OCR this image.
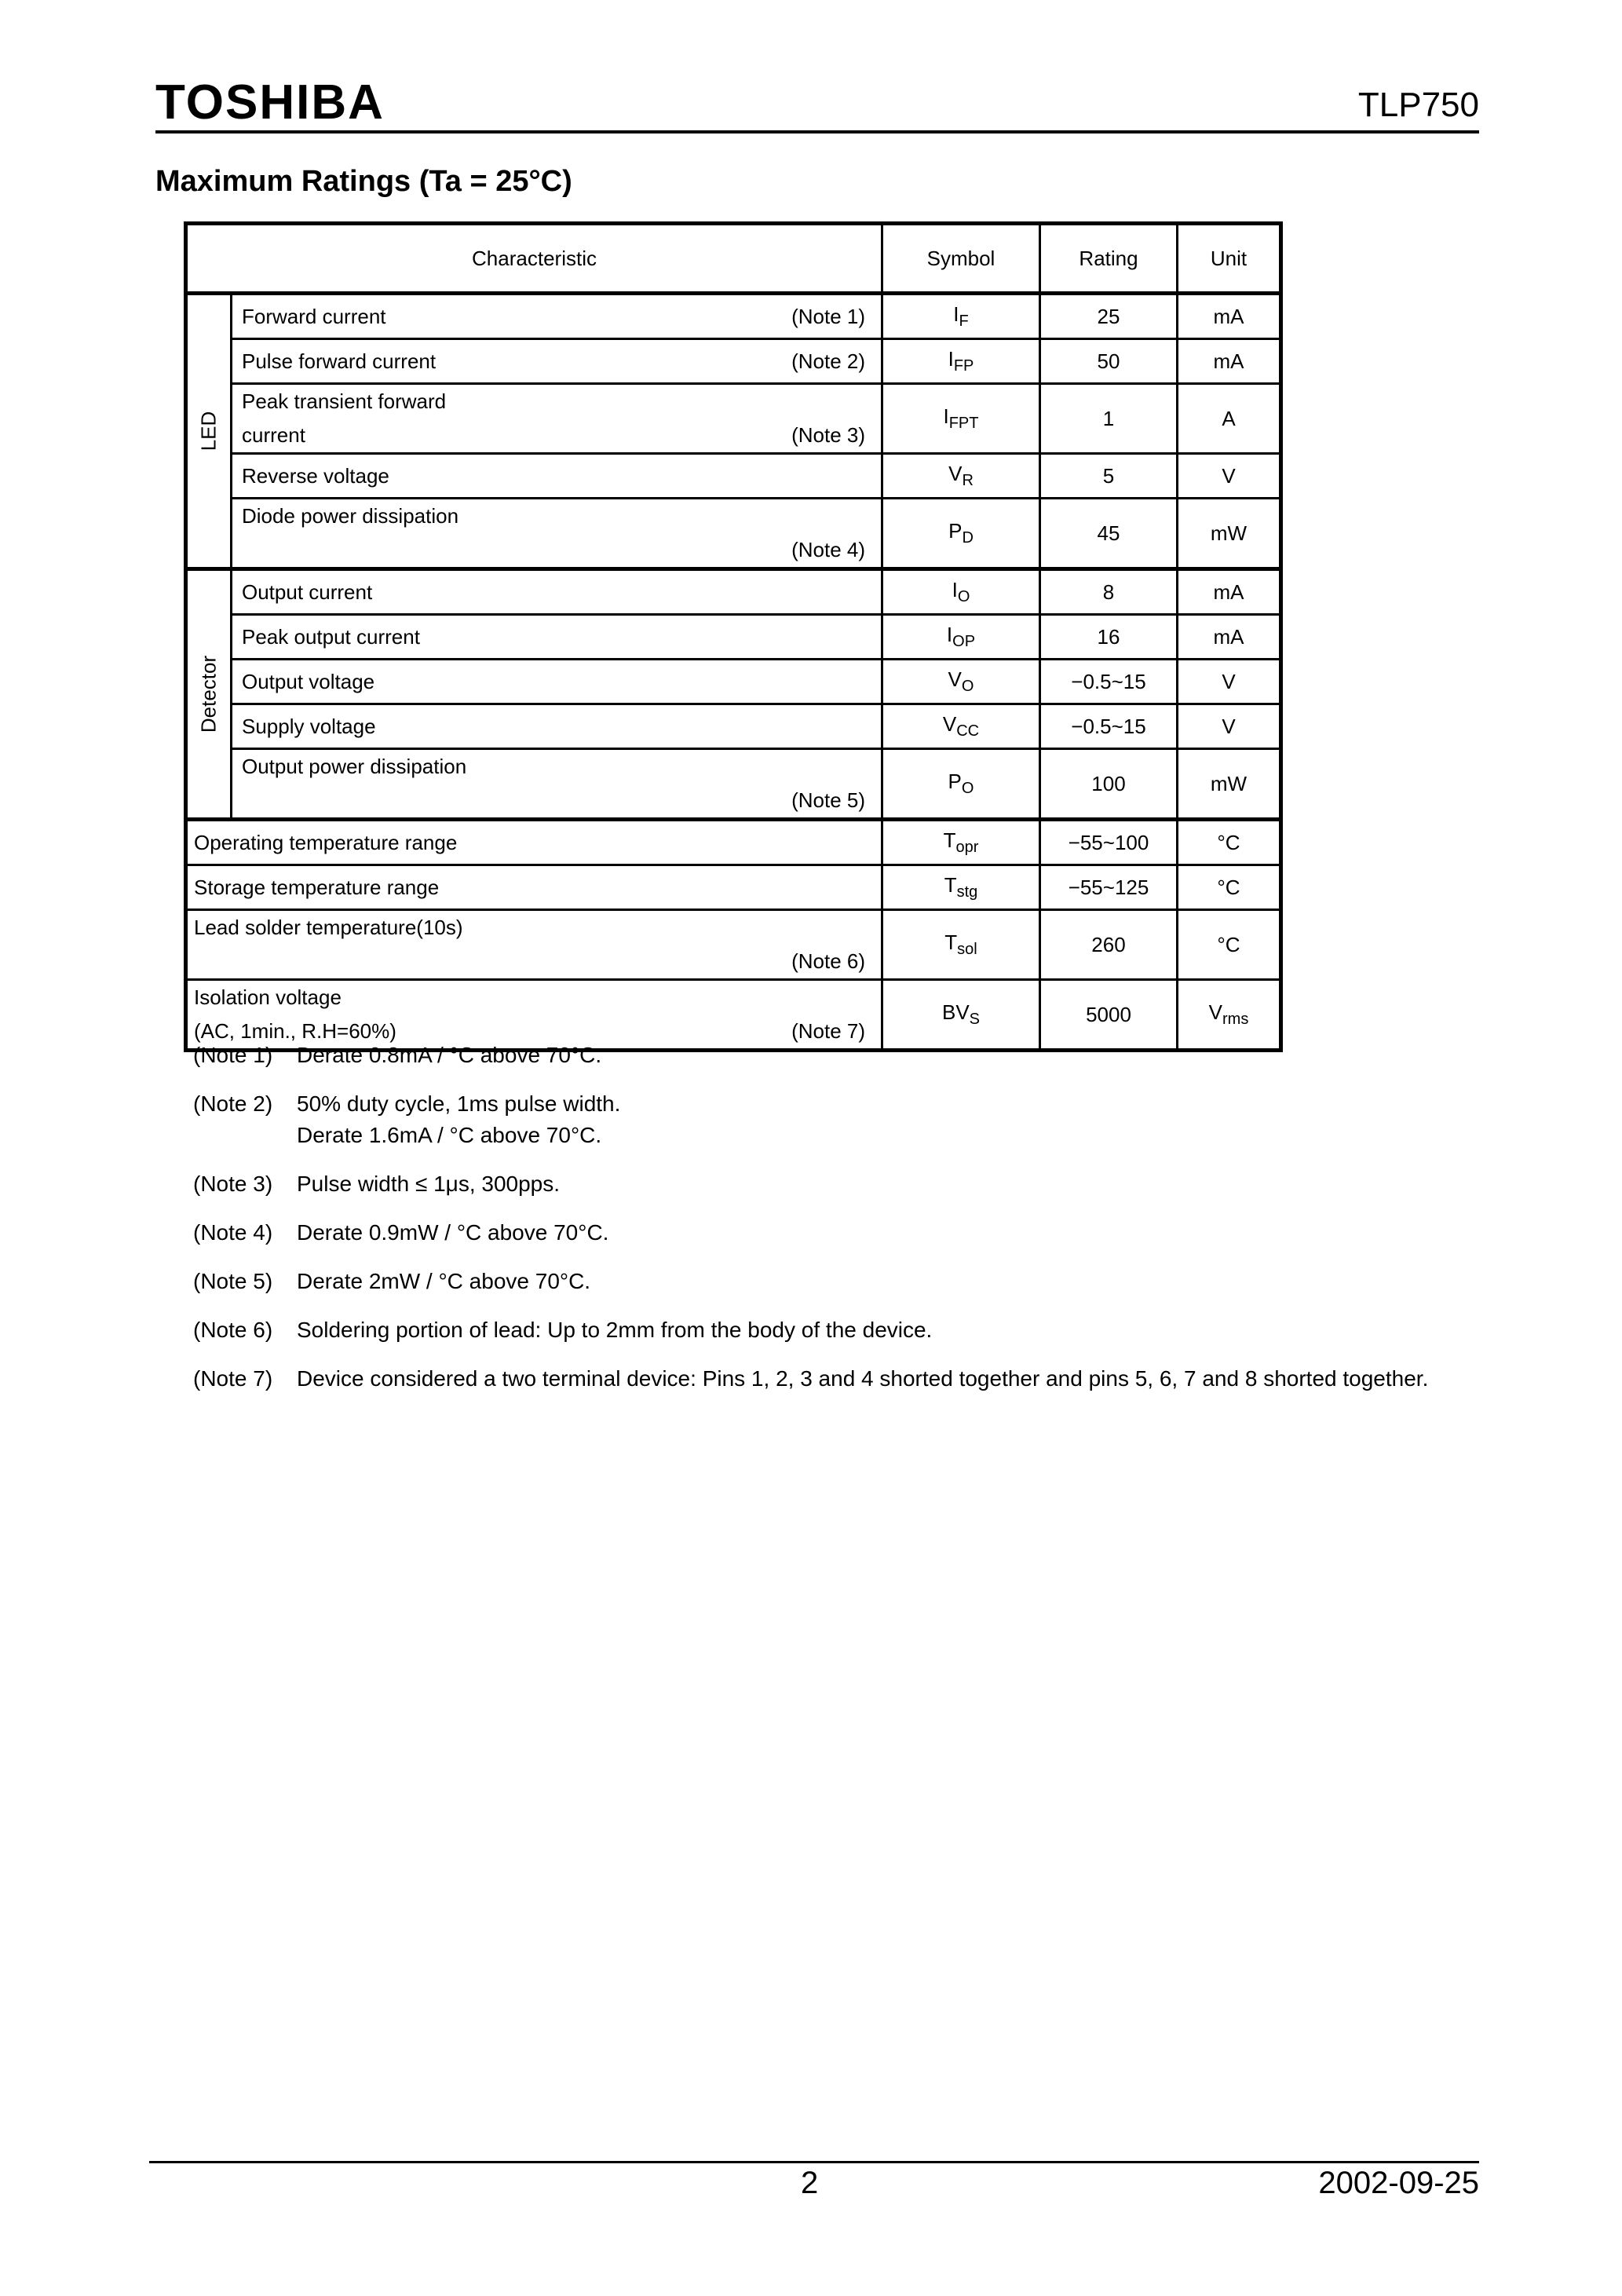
TOSHIBA	TLP750
Maximum Ratings (Ta = 25°C)
Characteristic		Symbol	Rating	Unit

LED	Forward current (Note 1)	$I_F$	25	mA

	Pulse forward current (Note 2)	$I_{FP}$	50	mA

	Peak transient forward
current (Note 3)	$I_{FPT}$	1	A

	Reverse voltage	$V_R$	5	V

	Diode power dissipation
(Note 4)	$P_D$	45	mW

Detector	Output current	$I_O$	8	mA

	Peak output current	$I_{OP}$	16	mA

	Output voltage	$V_O$	−0.5~15	V

	Supply voltage	$V_{CC}$	−0.5~15	V

	Output power dissipation
(Note 5)	$P_O$	100	mW

Operating temperature range		$T_{opr}$	−55~100	°C

Storage temperature range		$T_{stg}$	−55~125	°C

Lead solder temperature(10s)
(Note 6)		$T_{sol}$	260	°C

Isolation voltage
(AC, 1min., R.H=60%) (Note 7)		$BV_S$	5000	$V_{rms}$
(Note 1)	Derate 0.8mA / °C above 70°C.
(Note 2)	50% duty cycle, 1ms pulse width.
Derate 1.6mA / °C above 70°C.
(Note 3)	Pulse width ≤ 1μs, 300pps.
(Note 4)	Derate 0.9mW / °C above 70°C.
(Note 5)	Derate 2mW / °C above 70°C.
(Note 6)	Soldering portion of lead: Up to 2mm from the body of the device.
(Note 7)	Device considered a two terminal device: Pins 1, 2, 3 and 4 shorted together and pins 5, 6, 7 and 8 shorted together.
2	2002-09-25
